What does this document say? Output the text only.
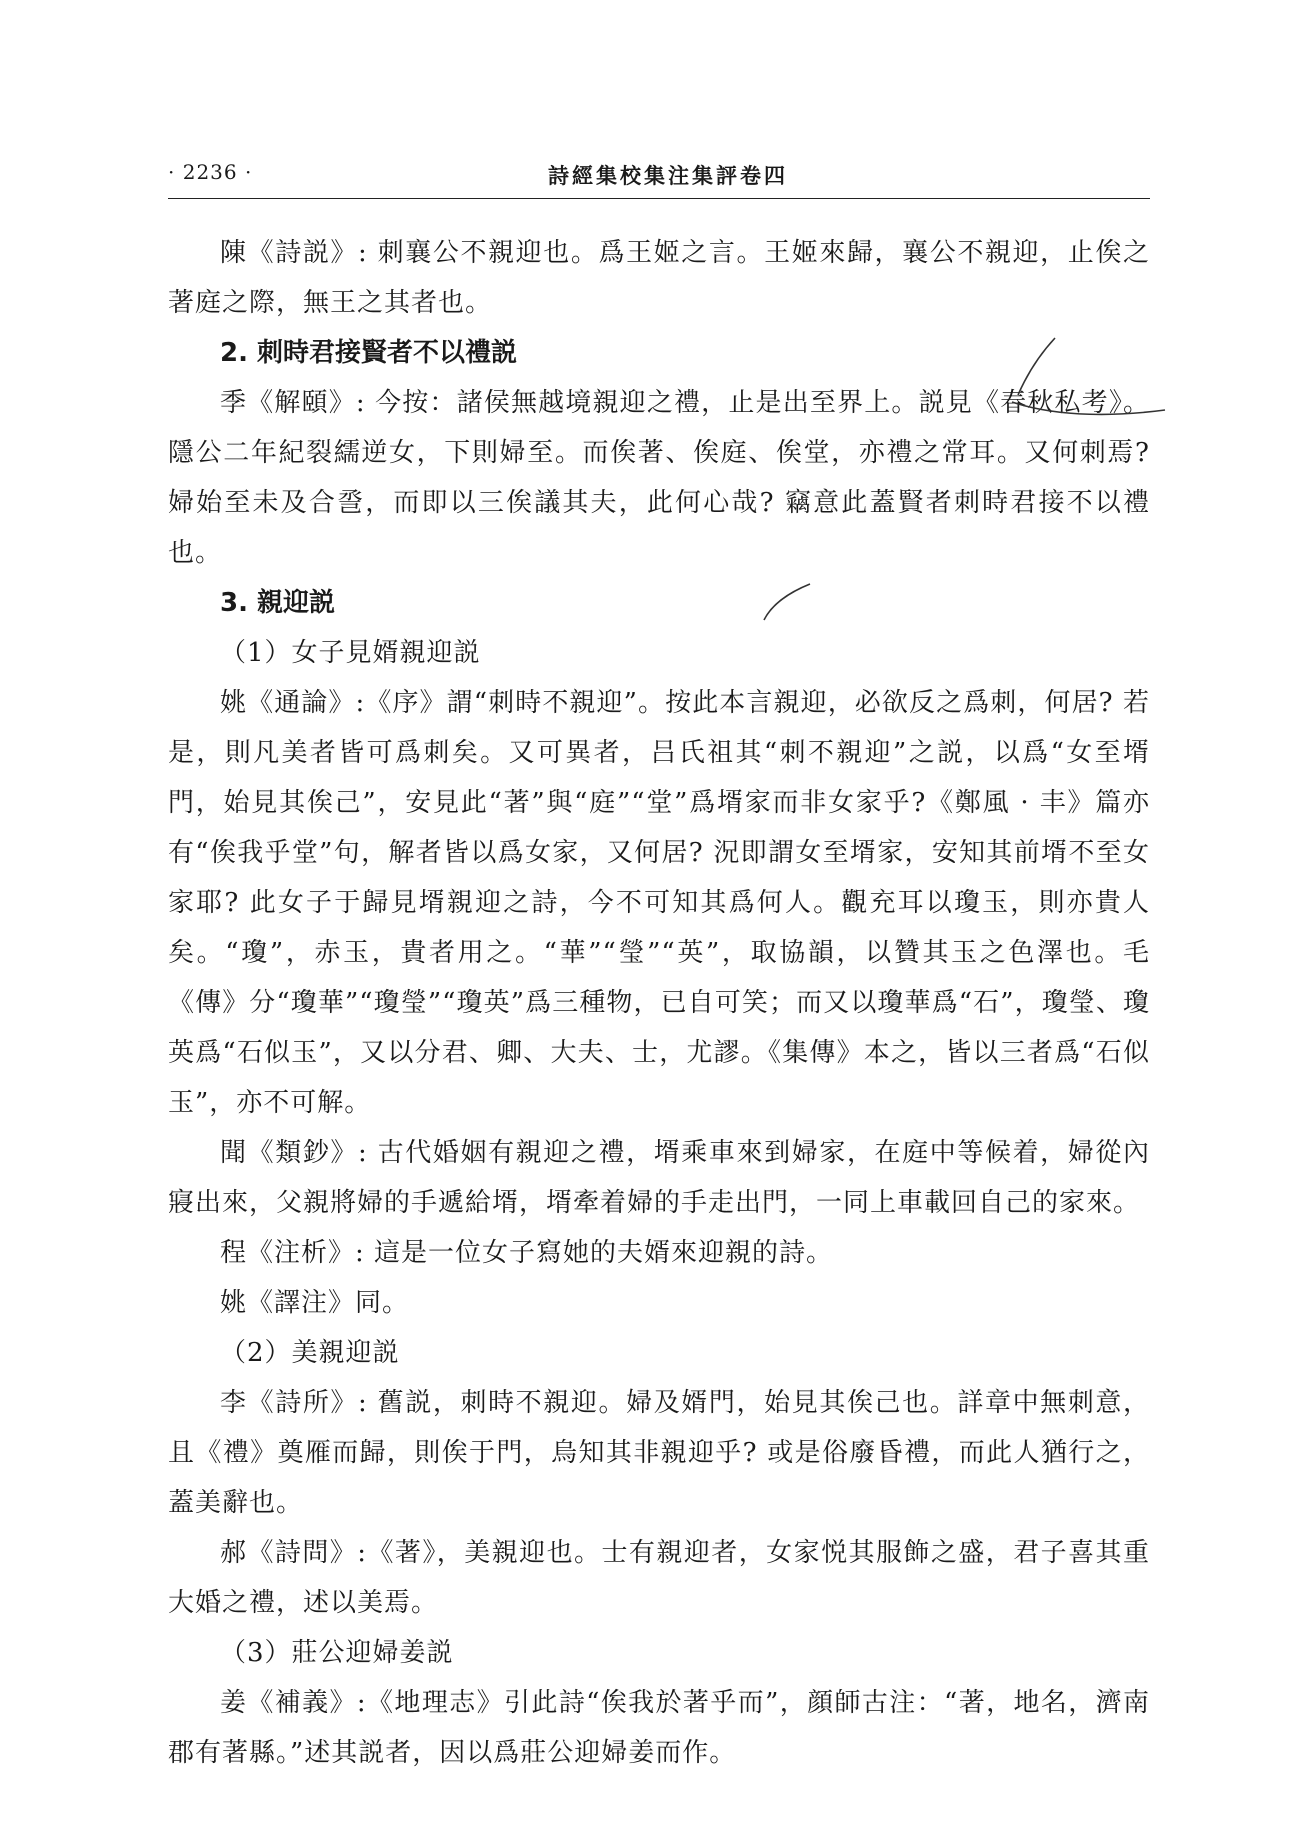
· 2236 ·	詩經集校集注集評卷四

陳《詩説》: 刺襄公不親迎也。爲王姬之言。王姬來歸，襄公不親迎，止俟之著庭之際，無王之其者也。

2. 刺時君接賢者不以禮説

季《解頤》: 今按：諸侯無越境親迎之禮，止是出至界上。説見《春秋私考》。隱公二年紀裂繻逆女，下則婦至。而俟著、俟庭、俟堂，亦禮之常耳。又何刺焉? 婦始至未及合巹，而即以三俟議其夫，此何心哉? 竊意此蓋賢者刺時君接不以禮也。

3. 親迎説

（1）女子見婿親迎説

姚《通論》:《序》謂“刺時不親迎”。按此本言親迎，必欲反之爲刺，何居? 若是，則凡美者皆可爲刺矣。又可異者，吕氏祖其“刺不親迎”之説，以爲“女至壻門，始見其俟己”，安見此“著”與“庭”“堂”爲壻家而非女家乎?《鄭風 · 丰》篇亦有“俟我乎堂”句，解者皆以爲女家，又何居? 況即謂女至壻家，安知其前壻不至女家耶? 此女子于歸見壻親迎之詩，今不可知其爲何人。觀充耳以瓊玉，則亦貴人矣。“瓊”，赤玉，貴者用之。“華”“瑩”“英”，取協韻，以贊其玉之色澤也。毛《傳》分“瓊華”“瓊瑩”“瓊英”爲三種物，已自可笑；而又以瓊華爲“石”，瓊瑩、瓊英爲“石似玉”，又以分君、卿、大夫、士，尤謬。《集傳》本之，皆以三者爲“石似玉”，亦不可解。

聞《類鈔》: 古代婚姻有親迎之禮，壻乘車來到婦家，在庭中等候着，婦從內寢出來，父親將婦的手遞給壻，壻牽着婦的手走出門，一同上車載回自己的家來。

程《注析》: 這是一位女子寫她的夫婿來迎親的詩。

姚《譯注》同。

（2）美親迎説

李《詩所》: 舊説，刺時不親迎。婦及婿門，始見其俟己也。詳章中無刺意，且《禮》奠雁而歸，則俟于門，烏知其非親迎乎? 或是俗廢昏禮，而此人猶行之，蓋美辭也。

郝《詩問》:《著》，美親迎也。士有親迎者，女家悦其服飾之盛，君子喜其重大婚之禮，述以美焉。

（3）莊公迎婦姜説

姜《補義》:《地理志》引此詩“俟我於著乎而”，顔師古注：“著，地名，濟南郡有著縣。”述其説者，因以爲莊公迎婦姜而作。
